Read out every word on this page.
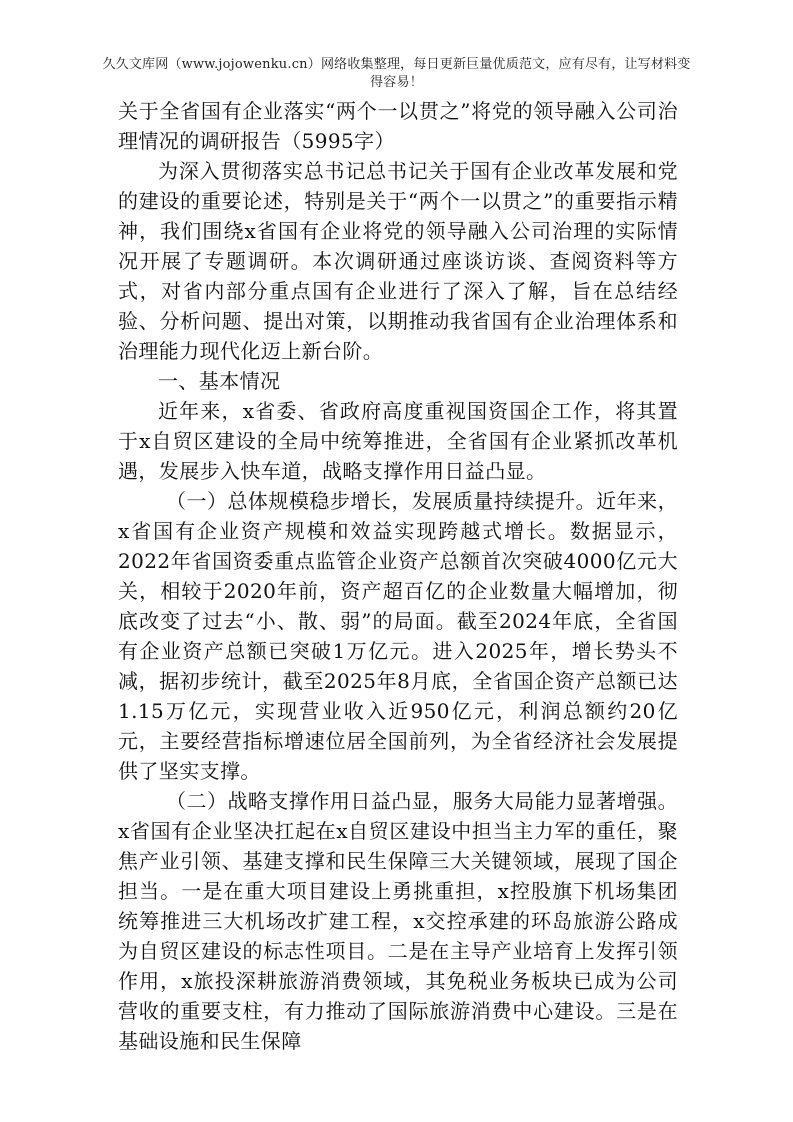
久久文库网（www.jojowenku.cn）网络收集整理，每日更新巨量优质范文，应有尽有，让写材料变得容易！

关于全省国有企业落实“两个一以贯之”将党的领导融入公司治理情况的调研报告（5995字）

为深入贯彻落实总书记总书记关于国有企业改革发展和党的建设的重要论述，特别是关于“两个一以贯之”的重要指示精神，我们围绕x省国有企业将党的领导融入公司治理的实际情况开展了专题调研。本次调研通过座谈访谈、查阅资料等方式，对省内部分重点国有企业进行了深入了解，旨在总结经验、分析问题、提出对策，以期推动我省国有企业治理体系和治理能力现代化迈上新台阶。

一、基本情况

近年来，x省委、省政府高度重视国资国企工作，将其置于x自贸区建设的全局中统筹推进，全省国有企业紧抓改革机遇，发展步入快车道，战略支撑作用日益凸显。

（一）总体规模稳步增长，发展质量持续提升。近年来，x省国有企业资产规模和效益实现跨越式增长。数据显示，2022年省国资委重点监管企业资产总额首次突破4000亿元大关，相较于2020年前，资产超百亿的企业数量大幅增加，彻底改变了过去“小、散、弱”的局面。截至2024年底，全省国有企业资产总额已突破1万亿元。进入2025年，增长势头不减，据初步统计，截至2025年8月底，全省国企资产总额已达1.15万亿元，实现营业收入近950亿元，利润总额约20亿元，主要经营指标增速位居全国前列，为全省经济社会发展提供了坚实支撑。

（二）战略支撑作用日益凸显，服务大局能力显著增强。x省国有企业坚决扛起在x自贸区建设中担当主力军的重任，聚焦产业引领、基建支撑和民生保障三大关键领域，展现了国企担当。一是在重大项目建设上勇挑重担，x控股旗下机场集团统筹推进三大机场改扩建工程，x交控承建的环岛旅游公路成为自贸区建设的标志性项目。二是在主导产业培育上发挥引领作用，x旅投深耕旅游消费领域，其免税业务板块已成为公司营收的重要支柱，有力推动了国际旅游消费中心建设。三是在基础设施和民生保障
